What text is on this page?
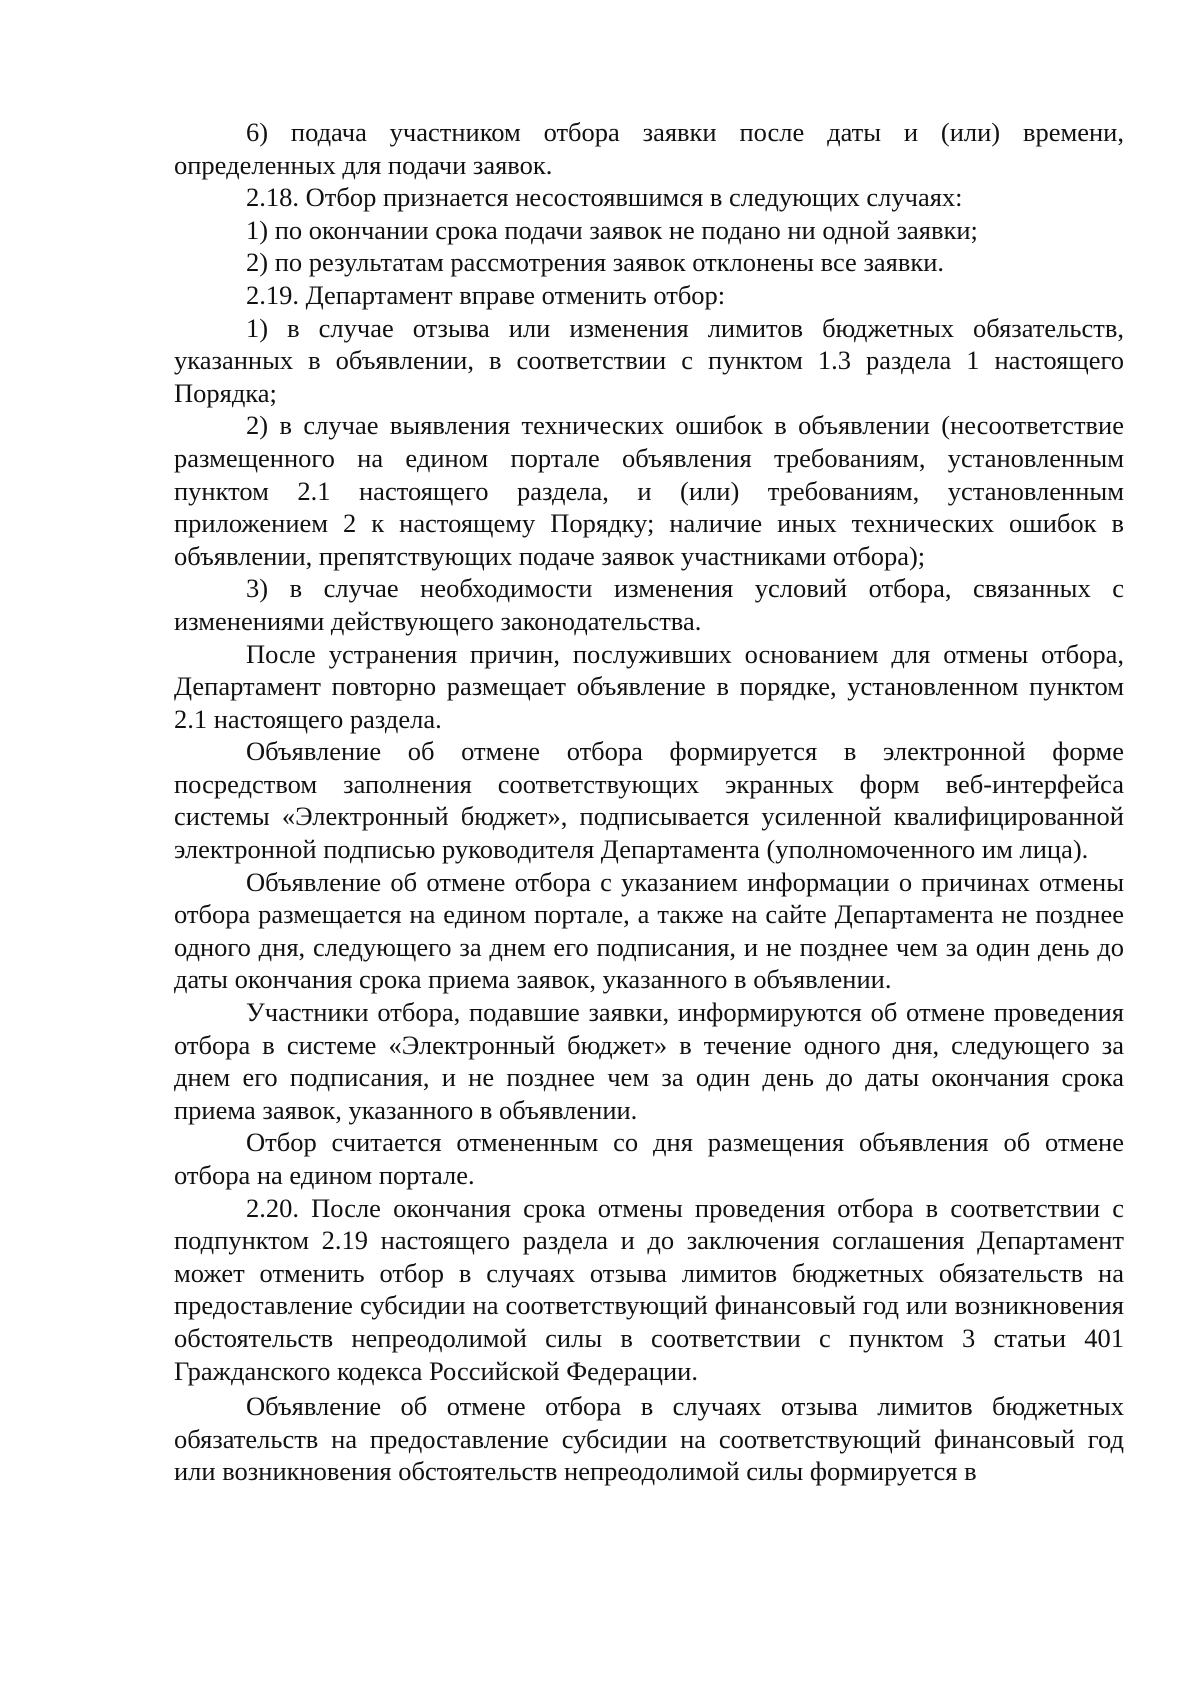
6) подача участником отбора заявки после даты и (или) времени, определенных для подачи заявок.

2.18. Отбор признается несостоявшимся в следующих случаях:

1) по окончании срока подачи заявок не подано ни одной заявки;

2) по результатам рассмотрения заявок отклонены все заявки.

2.19. Департамент вправе отменить отбор:

1) в случае отзыва или изменения лимитов бюджетных обязательств, указанных в объявлении, в соответствии с пунктом 1.3 раздела 1 настоящего Порядка;

2) в случае выявления технических ошибок в объявлении (несоответствие размещенного на едином портале объявления требованиям, установленным пунктом 2.1 настоящего раздела, и (или) требованиям, установленным приложением 2 к настоящему Порядку; наличие иных технических ошибок в объявлении, препятствующих подаче заявок участниками отбора);

3) в случае необходимости изменения условий отбора, связанных с изменениями действующего законодательства.

После устранения причин, послуживших основанием для отмены отбора, Департамент повторно размещает объявление в порядке, установленном пунктом 2.1 настоящего раздела.

Объявление об отмене отбора формируется в электронной форме посредством заполнения соответствующих экранных форм веб-интерфейса системы «Электронный бюджет», подписывается усиленной квалифицированной электронной подписью руководителя Департамента (уполномоченного им лица).

Объявление об отмене отбора с указанием информации о причинах отмены отбора размещается на едином портале, а также на сайте Департамента не позднее одного дня, следующего за днем его подписания, и не позднее чем за один день до даты окончания срока приема заявок, указанного в объявлении.

Участники отбора, подавшие заявки, информируются об отмене проведения отбора в системе «Электронный бюджет» в течение одного дня, следующего за днем его подписания, и не позднее чем за один день до даты окончания срока приема заявок, указанного в объявлении.

Отбор считается отмененным со дня размещения объявления об отмене отбора на едином портале.

2.20. После окончания срока отмены проведения отбора в соответствии с подпунктом 2.19 настоящего раздела и до заключения соглашения Департамент может отменить отбор в случаях отзыва лимитов бюджетных обязательств на предоставление субсидии на соответствующий финансовый год или возникновения обстоятельств непреодолимой силы в соответствии с пунктом 3 статьи 401 Гражданского кодекса Российской Федерации.

Объявление об отмене отбора в случаях отзыва лимитов бюджетных обязательств на предоставление субсидии на соответствующий финансовый год или возникновения обстоятельств непреодолимой силы формируется в
